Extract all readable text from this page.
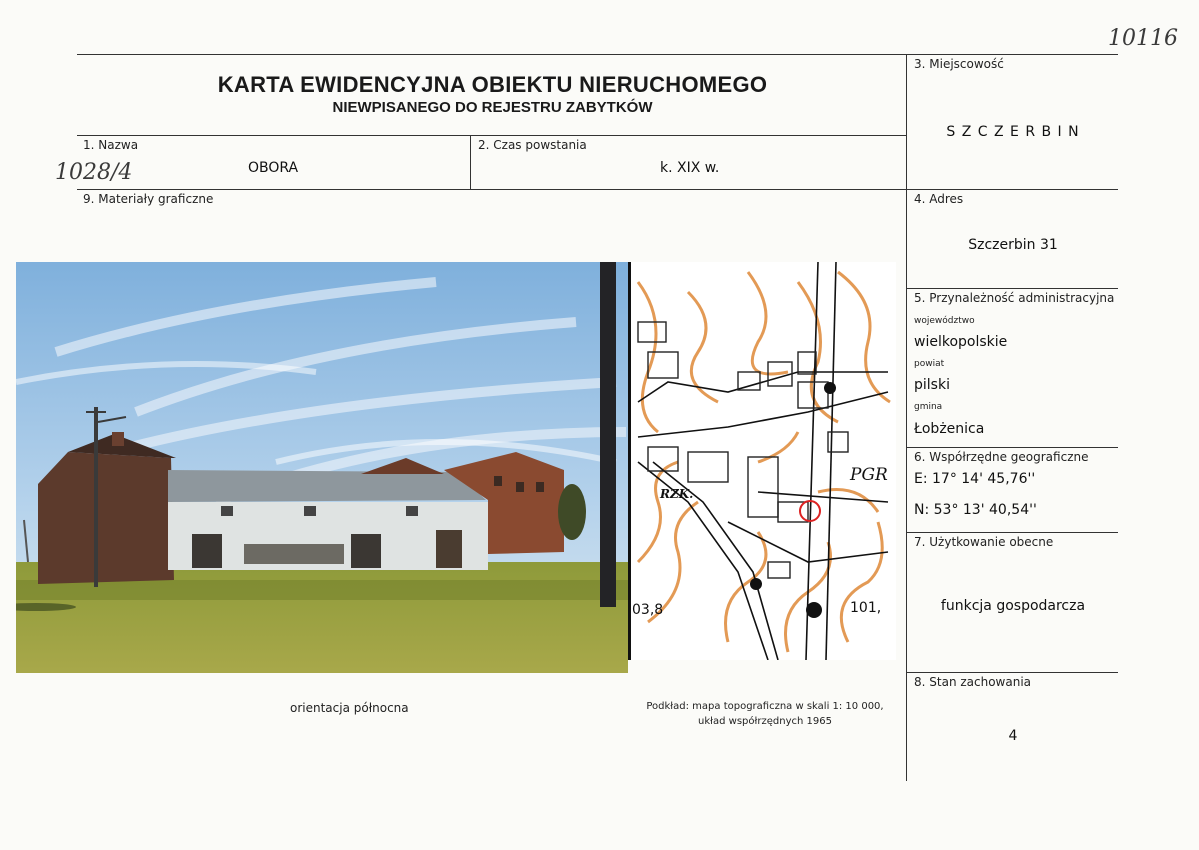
10116
1028/4
KARTA EWIDENCYJNA OBIEKTU NIERUCHOMEGO
NIEWPISANEGO DO REJESTRU ZABYTKÓW
1. Nazwa
OBORA
2. Czas powstania
k. XIX w.
3. Miejscowość
S Z C Z E R B I N
4. Adres
Szczerbin 31
5. Przynależność administracyjna
województwo
wielkopolskie
powiat
pilski
gmina
Łobżenica
6. Współrzędne geograficzne
E: 17° 14' 45,76''
N: 53° 13' 40,54''
7. Użytkowanie obecne
funkcja gospodarcza
8. Stan zachowania
4
9. Materiały graficzne
PGR
RZK.
03,8	101,
orientacja północna	Podkład: mapa topograficzna w skali 1: 10 000,
układ współrzędnych 1965
